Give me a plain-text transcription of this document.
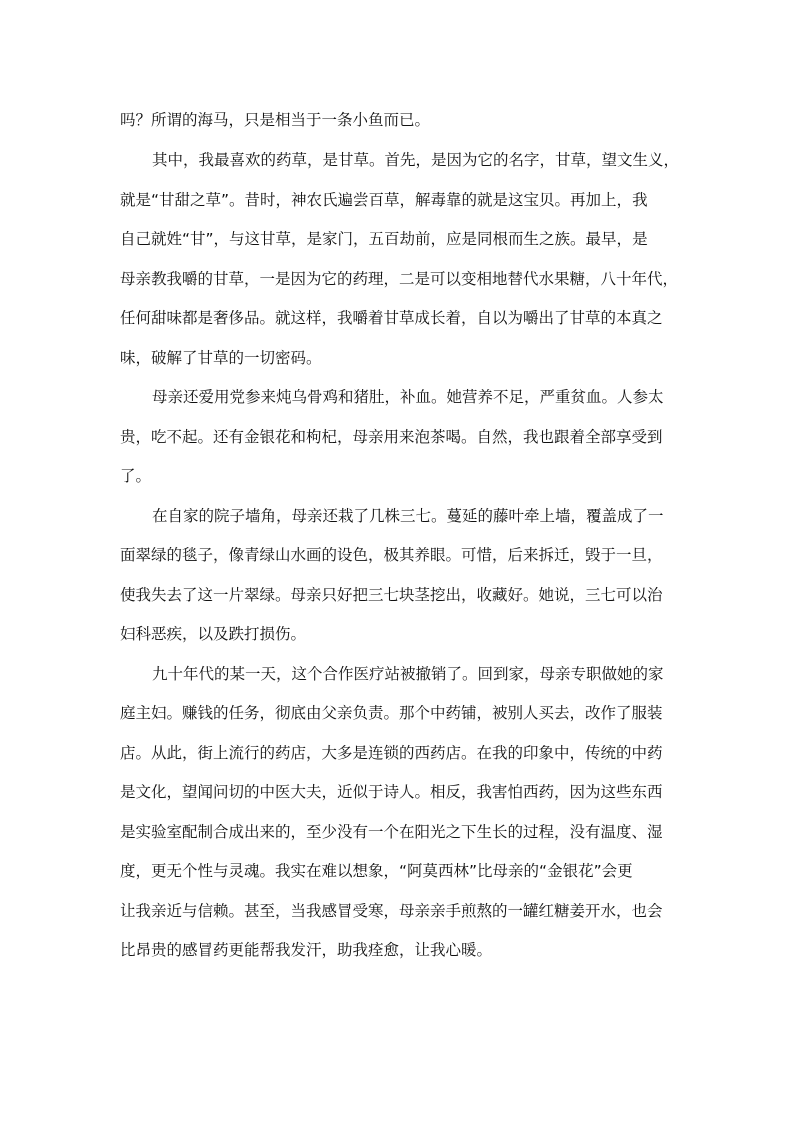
吗？所谓的海马，只是相当于一条小鱼而已。

其中，我最喜欢的药草，是甘草。首先，是因为它的名字，甘草，望文生义，

就是“甘甜之草”。昔时，神农氏遍尝百草，解毒靠的就是这宝贝。再加上，我

自己就姓“甘”，与这甘草，是家门，五百劫前，应是同根而生之族。最早，是

母亲教我嚼的甘草，一是因为它的药理，二是可以变相地替代水果糖，八十年代，

任何甜味都是奢侈品。就这样，我嚼着甘草成长着，自以为嚼出了甘草的本真之

味，破解了甘草的一切密码。

母亲还爱用党参来炖乌骨鸡和猪肚，补血。她营养不足，严重贫血。人参太

贵，吃不起。还有金银花和枸杞，母亲用来泡茶喝。自然，我也跟着全部享受到

了。

在自家的院子墙角，母亲还栽了几株三七。蔓延的藤叶牵上墙，覆盖成了一

面翠绿的毯子，像青绿山水画的设色，极其养眼。可惜，后来拆迁，毁于一旦，

使我失去了这一片翠绿。母亲只好把三七块茎挖出，收藏好。她说，三七可以治

妇科恶疾，以及跌打损伤。

九十年代的某一天，这个合作医疗站被撤销了。回到家，母亲专职做她的家

庭主妇。赚钱的任务，彻底由父亲负责。那个中药铺，被别人买去，改作了服装

店。从此，街上流行的药店，大多是连锁的西药店。在我的印象中，传统的中药

是文化，望闻问切的中医大夫，近似于诗人。相反，我害怕西药，因为这些东西

是实验室配制合成出来的，至少没有一个在阳光之下生长的过程，没有温度、湿

度，更无个性与灵魂。我实在难以想象，“阿莫西林”比母亲的“金银花”会更

让我亲近与信赖。甚至，当我感冒受寒，母亲亲手煎熬的一罐红糖姜开水，也会

比昂贵的感冒药更能帮我发汗，助我痊愈，让我心暖。
